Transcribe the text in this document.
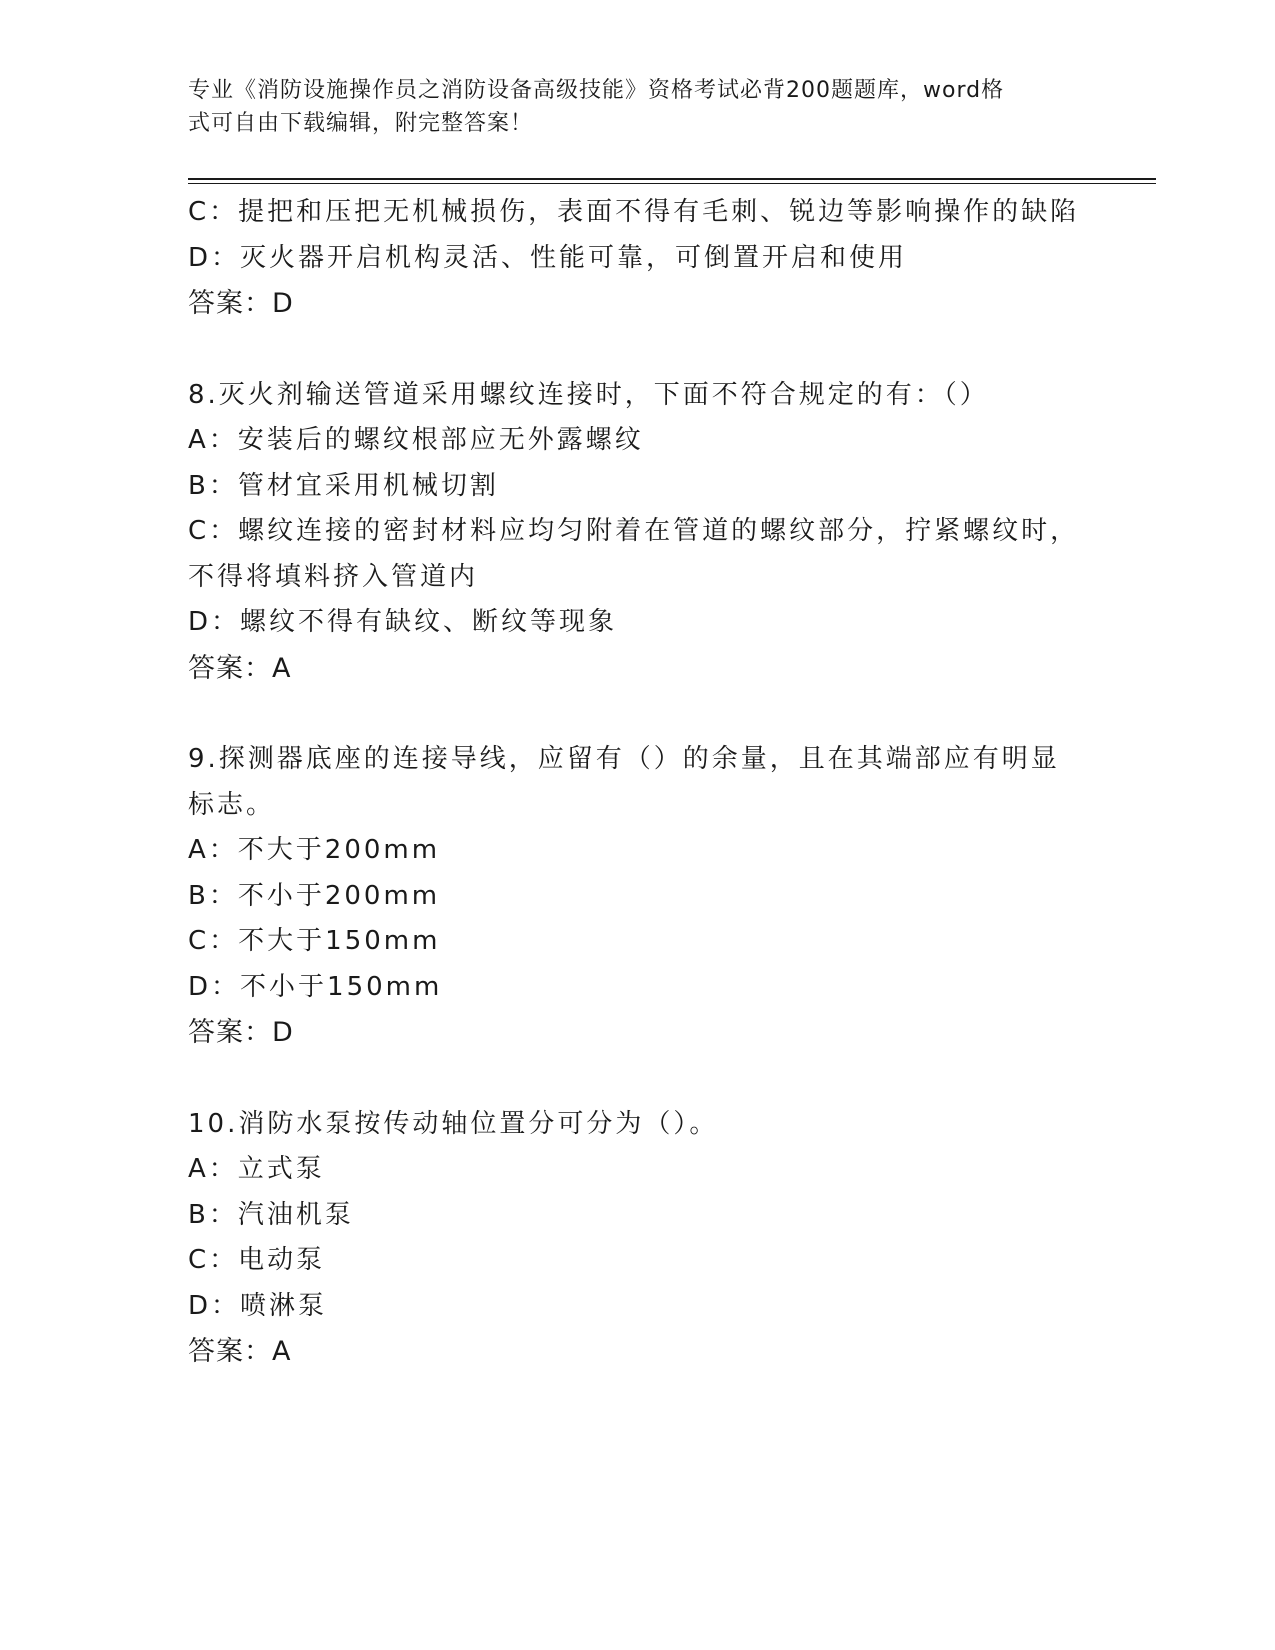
专业《消防设施操作员之消防设备高级技能》资格考试必背200题题库，word格
式可自由下载编辑，附完整答案！
C：提把和压把无机械损伤，表面不得有毛刺、锐边等影响操作的缺陷
D：灭火器开启机构灵活、性能可靠，可倒置开启和使用
答案：D
8.灭火剂输送管道采用螺纹连接时，下面不符合规定的有：（）
A：安装后的螺纹根部应无外露螺纹
B：管材宜采用机械切割
C：螺纹连接的密封材料应均匀附着在管道的螺纹部分，拧紧螺纹时，
不得将填料挤入管道内
D：螺纹不得有缺纹、断纹等现象
答案：A
9.探测器底座的连接导线，应留有（）的余量，且在其端部应有明显
标志。
A：不大于200mm
B：不小于200mm
C：不大于150mm
D：不小于150mm
答案：D
10.消防水泵按传动轴位置分可分为（）。
A：立式泵
B：汽油机泵
C：电动泵
D：喷淋泵
答案：A
